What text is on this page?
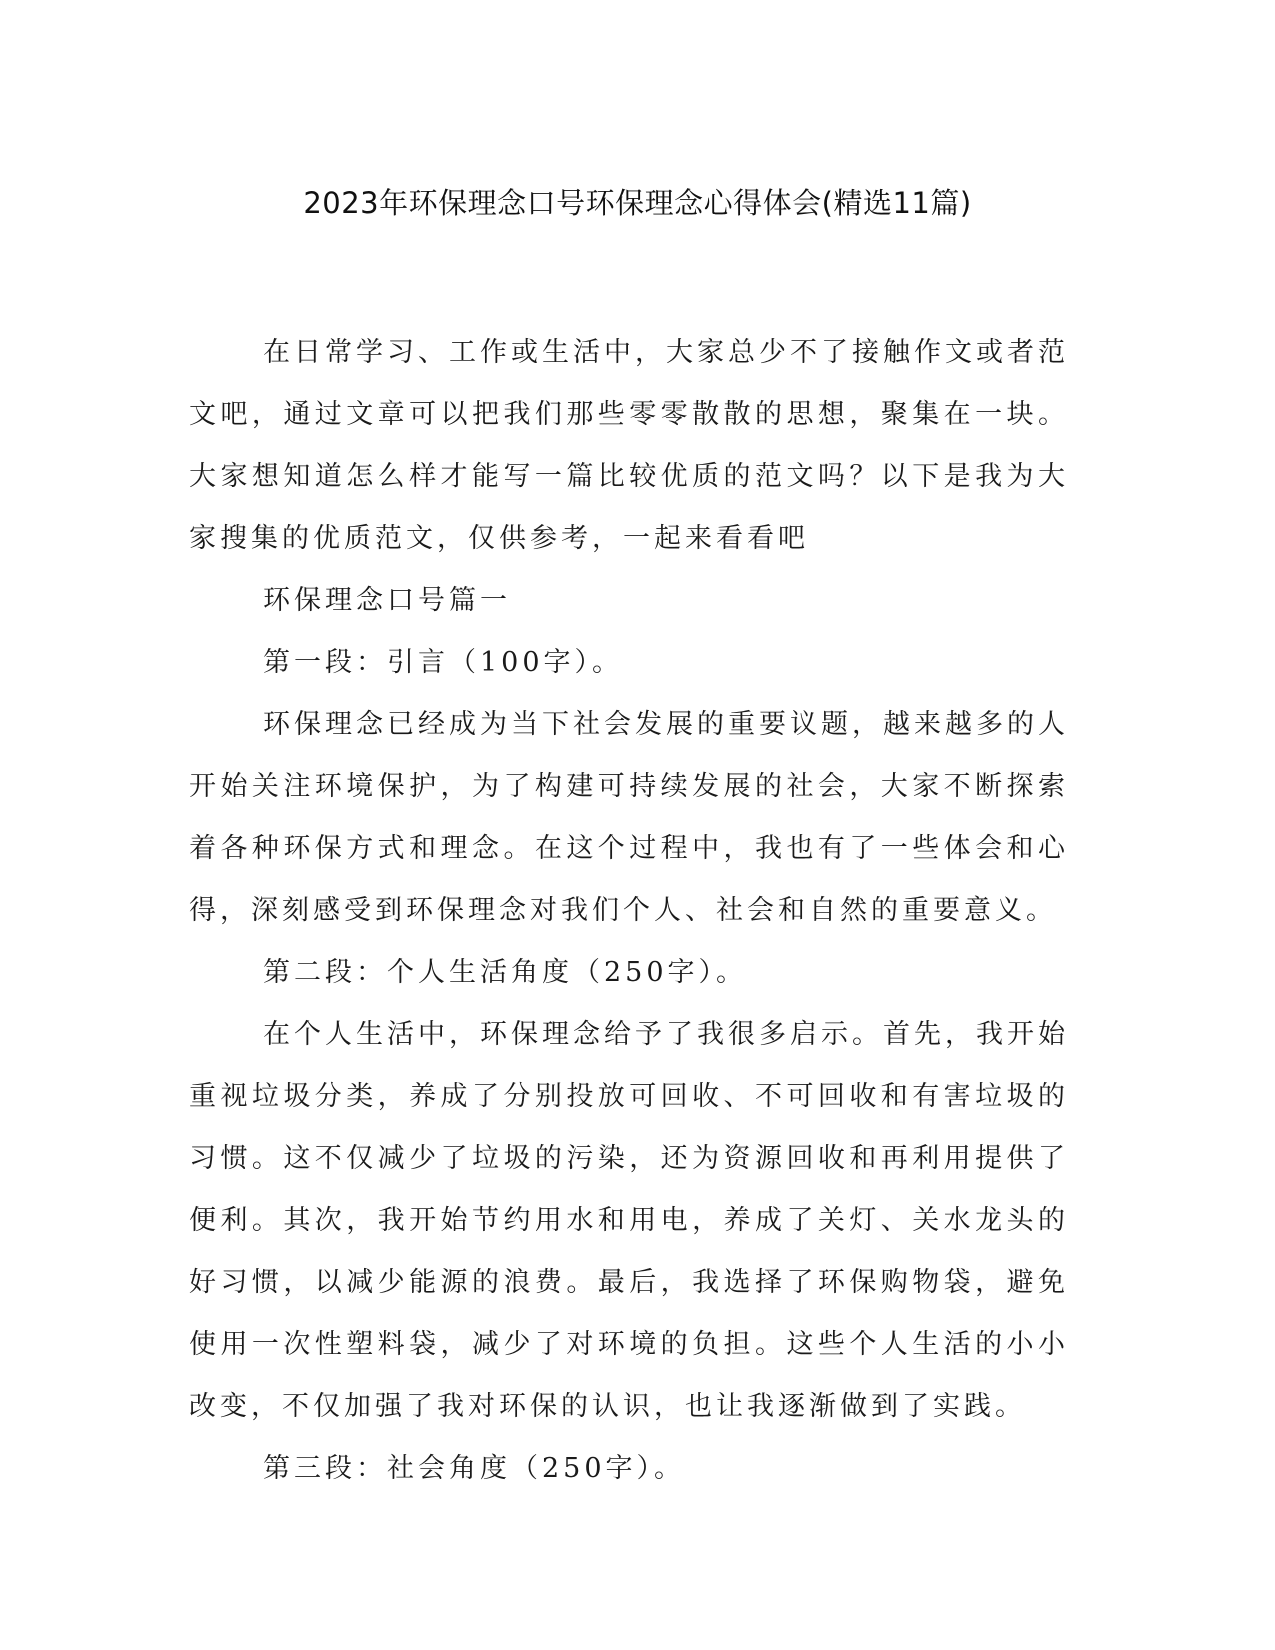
2023年环保理念口号环保理念心得体会(精选11篇)

在日常学习、工作或生活中，大家总少不了接触作文或者范文吧，通过文章可以把我们那些零零散散的思想，聚集在一块。大家想知道怎么样才能写一篇比较优质的范文吗？以下是我为大家搜集的优质范文，仅供参考，一起来看看吧

环保理念口号篇一

第一段：引言（100字）。

环保理念已经成为当下社会发展的重要议题，越来越多的人开始关注环境保护，为了构建可持续发展的社会，大家不断探索着各种环保方式和理念。在这个过程中，我也有了一些体会和心得，深刻感受到环保理念对我们个人、社会和自然的重要意义。

第二段：个人生活角度（250字）。

在个人生活中，环保理念给予了我很多启示。首先，我开始重视垃圾分类，养成了分别投放可回收、不可回收和有害垃圾的习惯。这不仅减少了垃圾的污染，还为资源回收和再利用提供了便利。其次，我开始节约用水和用电，养成了关灯、关水龙头的好习惯，以减少能源的浪费。最后，我选择了环保购物袋，避免使用一次性塑料袋，减少了对环境的负担。这些个人生活的小小改变，不仅加强了我对环保的认识，也让我逐渐做到了实践。

第三段：社会角度（250字）。
